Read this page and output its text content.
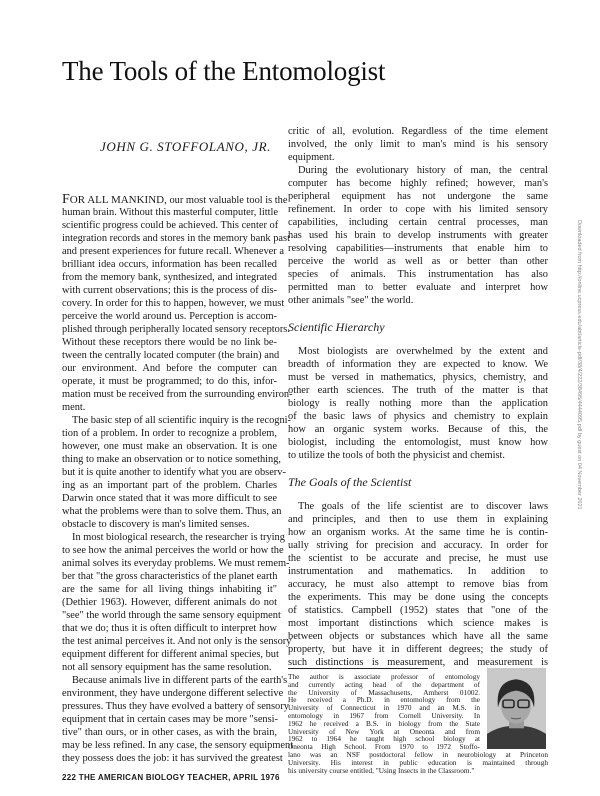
The Tools of the Entomologist
JOHN G. STOFFOLANO, JR.
FOR ALL MANKIND, our most valuable tool is the
human brain. Without this masterful computer, little
scientific progress could be achieved. This center of
integration records and stores in the memory bank past
and present experiences for future recall. Whenever a
brilliant idea occurs, information has been recalled
from the memory bank, synthesized, and integrated
with current observations; this is the process of dis-
covery. In order for this to happen, however, we must
perceive the world around us. Perception is accom-
plished through peripherally located sensory receptors.
Without these receptors there would be no link be-
tween the centrally located computer (the brain) and
our environment. And before the computer can
operate, it must be programmed; to do this, infor-
mation must be received from the surrounding environ-
ment.
The basic step of all scientific inquiry is the recogni-
tion of a problem. In order to recognize a problem,
however, one must make an observation. It is one
thing to make an observation or to notice something,
but it is quite another to identify what you are observ-
ing as an important part of the problem. Charles
Darwin once stated that it was more difficult to see
what the problems were than to solve them. Thus, an
obstacle to discovery is man's limited senses.
In most biological research, the researcher is trying
to see how the animal perceives the world or how the
animal solves its everyday problems. We must remem-
ber that "the gross characteristics of the planet earth
are the same for all living things inhabiting it"
(Dethier 1963). However, different animals do not
"see" the world through the same sensory equipment
that we do; thus it is often difficult to interpret how
the test animal perceives it. And not only is the sensory
equipment different for different animal species, but
not all sensory equipment has the same resolution.
Because animals live in different parts of the earth's
environment, they have undergone different selective
pressures. Thus they have evolved a battery of sensory
equipment that in certain cases may be more "sensi-
tive" than ours, or in other cases, as with the brain,
may be less refined. In any case, the sensory equipment
they possess does the job: it has survived the greatest
critic of all, evolution. Regardless of the time element
involved, the only limit to man's mind is his sensory
equipment.
During the evolutionary history of man, the central
computer has become highly refined; however, man's
peripheral equipment has not undergone the same
refinement. In order to cope with his limited sensory
capabilities, including certain central processes, man
has used his brain to develop instruments with greater
resolving capabilities—instruments that enable him to
perceive the world as well as or better than other
species of animals. This instrumentation has also
permitted man to better evaluate and interpret how
other animals "see" the world.
Scientific Hierarchy
Most biologists are overwhelmed by the extent and
breadth of information they are expected to know. We
must be versed in mathematics, physics, chemistry, and
other earth sciences. The truth of the matter is that
biology is really nothing more than the application
of the basic laws of physics and chemistry to explain
how an organic system works. Because of this, the
biologist, including the entomologist, must know how
to utilize the tools of both the physicist and chemist.
The Goals of the Scientist
The goals of the life scientist are to discover laws
and principles, and then to use them in explaining
how an organism works. At the same time he is contin-
ually striving for precision and accuracy. In order for
the scientist to be accurate and precise, he must use
instrumentation and mathematics. In addition to
accuracy, he must also attempt to remove bias from
the experiments. This may be done using the concepts
of statistics. Campbell (1952) states that "one of the
most important distinctions which science makes is
between objects or substances which have all the same
property, but have it in different degrees; the study of
such distinctions is measurement, and measurement is
The author is associate professor of entomology
and currently acting head of the department of
the University of Massachusetts, Amherst 01002.
He received a Ph.D. in entomology from the
University of Connecticut in 1970 and an M.S. in
entomology in 1967 from Cornell University. In
1962 he received a B.S. in biology from the State
University of New York at Oneonta and from
1962 to 1964 he taught high school biology at
Oneonta High School. From 1970 to 1972 Stoffo-
lano was an NSF postdoctoral fellow in neurobiology at Princeton
University. His interest in public education is maintained through
his university course entitled, "Using Insects in the Classroom."
222 THE AMERICAN BIOLOGY TEACHER, APRIL 1976
Downloaded from http://online.ucpress.edu/abt/article-pdf/38/4/222/38495/4444095.pdf by guest on 04 November 2021
